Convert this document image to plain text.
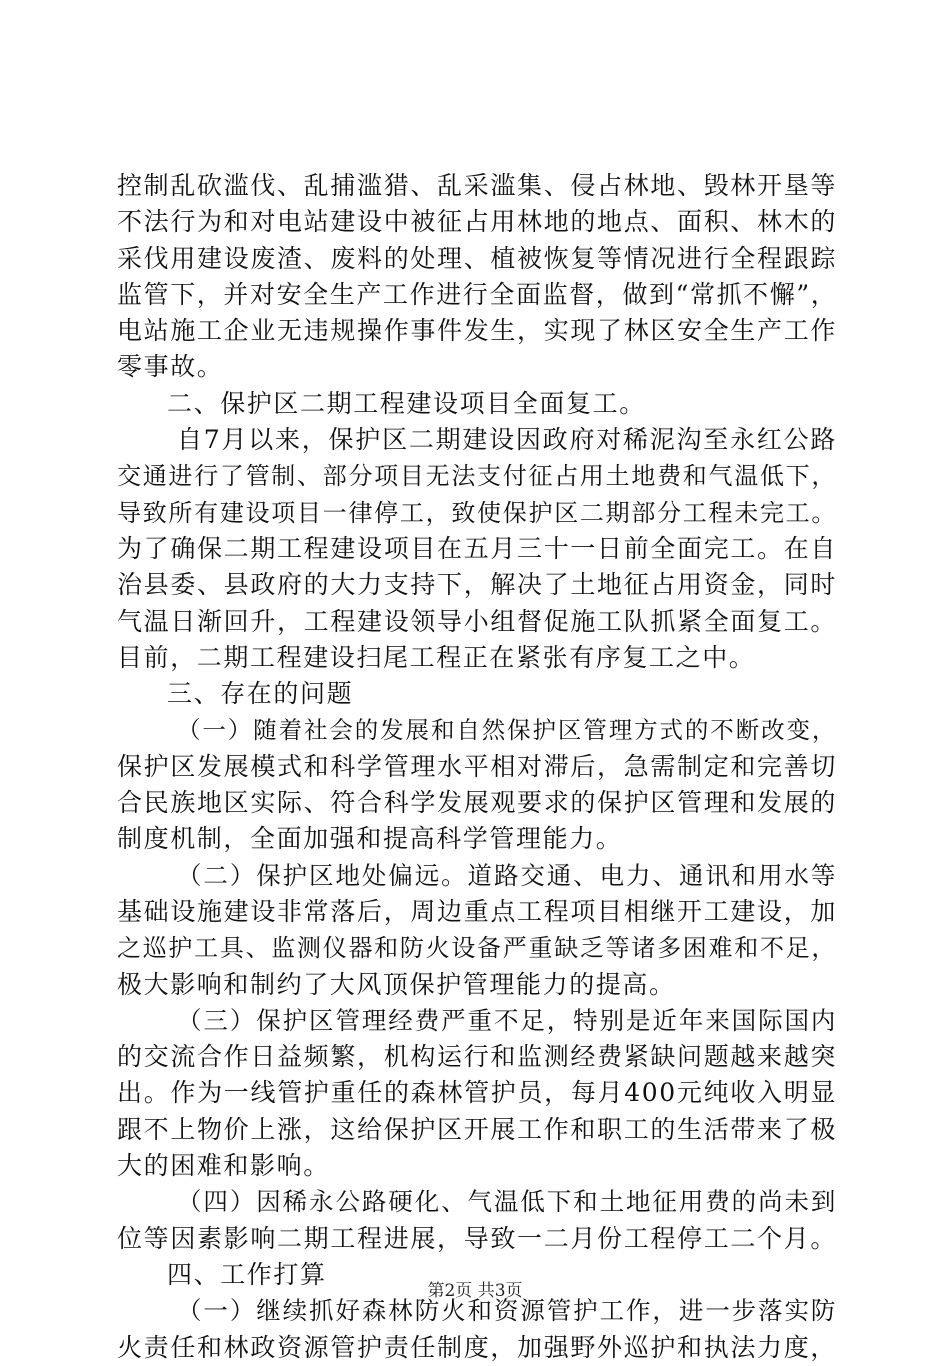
控制乱砍滥伐、乱捕滥猎、乱采滥集、侵占林地、毁林开垦等
不法行为和对电站建设中被征占用林地的地点、面积、林木的
采伐用建设废渣、废料的处理、植被恢复等情况进行全程跟踪
监管下，并对安全生产工作进行全面监督，做到“常抓不懈”，
电站施工企业无违规操作事件发生，实现了林区安全生产工作
零事故。
二、保护区二期工程建设项目全面复工。
自7月以来，保护区二期建设因政府对稀泥沟至永红公路
交通进行了管制、部分项目无法支付征占用土地费和气温低下，
导致所有建设项目一律停工，致使保护区二期部分工程未完工。
为了确保二期工程建设项目在五月三十一日前全面完工。在自
治县委、县政府的大力支持下，解决了土地征占用资金，同时
气温日渐回升，工程建设领导小组督促施工队抓紧全面复工。
目前，二期工程建设扫尾工程正在紧张有序复工之中。
三、存在的问题
（一）随着社会的发展和自然保护区管理方式的不断改变，
保护区发展模式和科学管理水平相对滞后，急需制定和完善切
合民族地区实际、符合科学发展观要求的保护区管理和发展的
制度机制，全面加强和提高科学管理能力。
（二）保护区地处偏远。道路交通、电力、通讯和用水等
基础设施建设非常落后，周边重点工程项目相继开工建设，加
之巡护工具、监测仪器和防火设备严重缺乏等诸多困难和不足，
极大影响和制约了大风顶保护管理能力的提高。
（三）保护区管理经费严重不足，特别是近年来国际国内
的交流合作日益频繁，机构运行和监测经费紧缺问题越来越突
出。作为一线管护重任的森林管护员，每月400元纯收入明显
跟不上物价上涨，这给保护区开展工作和职工的生活带来了极
大的困难和影响。
（四）因稀永公路硬化、气温低下和土地征用费的尚未到
位等因素影响二期工程进展，导致一二月份工程停工二个月。
四、工作打算
（一）继续抓好森林防火和资源管护工作，进一步落实防
火责任和林政资源管护责任制度，加强野外巡护和执法力度，
第2页 共3页
